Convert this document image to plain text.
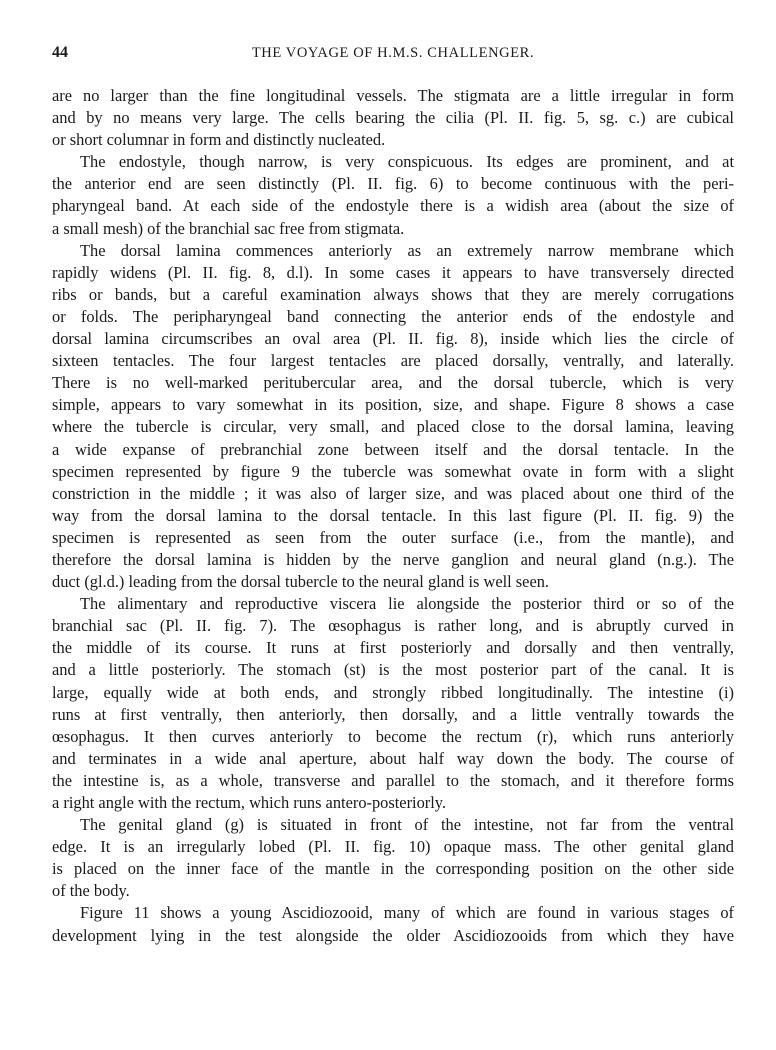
44	THE VOYAGE OF H.M.S. CHALLENGER.
are no larger than the fine longitudinal vessels. The stigmata are a little irregular in form
and by no means very large. The cells bearing the cilia (Pl. II. fig. 5, sg. c.) are cubical
or short columnar in form and distinctly nucleated.
The endostyle, though narrow, is very conspicuous. Its edges are prominent, and at
the anterior end are seen distinctly (Pl. II. fig. 6) to become continuous with the peri-
pharyngeal band. At each side of the endostyle there is a widish area (about the size of
a small mesh) of the branchial sac free from stigmata.
The dorsal lamina commences anteriorly as an extremely narrow membrane which
rapidly widens (Pl. II. fig. 8, d.l). In some cases it appears to have transversely directed
ribs or bands, but a careful examination always shows that they are merely corrugations
or folds. The peripharyngeal band connecting the anterior ends of the endostyle and
dorsal lamina circumscribes an oval area (Pl. II. fig. 8), inside which lies the circle of
sixteen tentacles. The four largest tentacles are placed dorsally, ventrally, and laterally.
There is no well-marked peritubercular area, and the dorsal tubercle, which is very
simple, appears to vary somewhat in its position, size, and shape. Figure 8 shows a case
where the tubercle is circular, very small, and placed close to the dorsal lamina, leaving
a wide expanse of prebranchial zone between itself and the dorsal tentacle. In the
specimen represented by figure 9 the tubercle was somewhat ovate in form with a slight
constriction in the middle ; it was also of larger size, and was placed about one third of the
way from the dorsal lamina to the dorsal tentacle. In this last figure (Pl. II. fig. 9) the
specimen is represented as seen from the outer surface (i.e., from the mantle), and
therefore the dorsal lamina is hidden by the nerve ganglion and neural gland (n.g.). The
duct (gl.d.) leading from the dorsal tubercle to the neural gland is well seen.
The alimentary and reproductive viscera lie alongside the posterior third or so of the
branchial sac (Pl. II. fig. 7). The œsophagus is rather long, and is abruptly curved in
the middle of its course. It runs at first posteriorly and dorsally and then ventrally,
and a little posteriorly. The stomach (st) is the most posterior part of the canal. It is
large, equally wide at both ends, and strongly ribbed longitudinally. The intestine (i)
runs at first ventrally, then anteriorly, then dorsally, and a little ventrally towards the
œsophagus. It then curves anteriorly to become the rectum (r), which runs anteriorly
and terminates in a wide anal aperture, about half way down the body. The course of
the intestine is, as a whole, transverse and parallel to the stomach, and it therefore forms
a right angle with the rectum, which runs antero-posteriorly.
The genital gland (g) is situated in front of the intestine, not far from the ventral
edge. It is an irregularly lobed (Pl. II. fig. 10) opaque mass. The other genital gland
is placed on the inner face of the mantle in the corresponding position on the other side
of the body.
Figure 11 shows a young Ascidiozooid, many of which are found in various stages of
development lying in the test alongside the older Ascidiozooids from which they have
